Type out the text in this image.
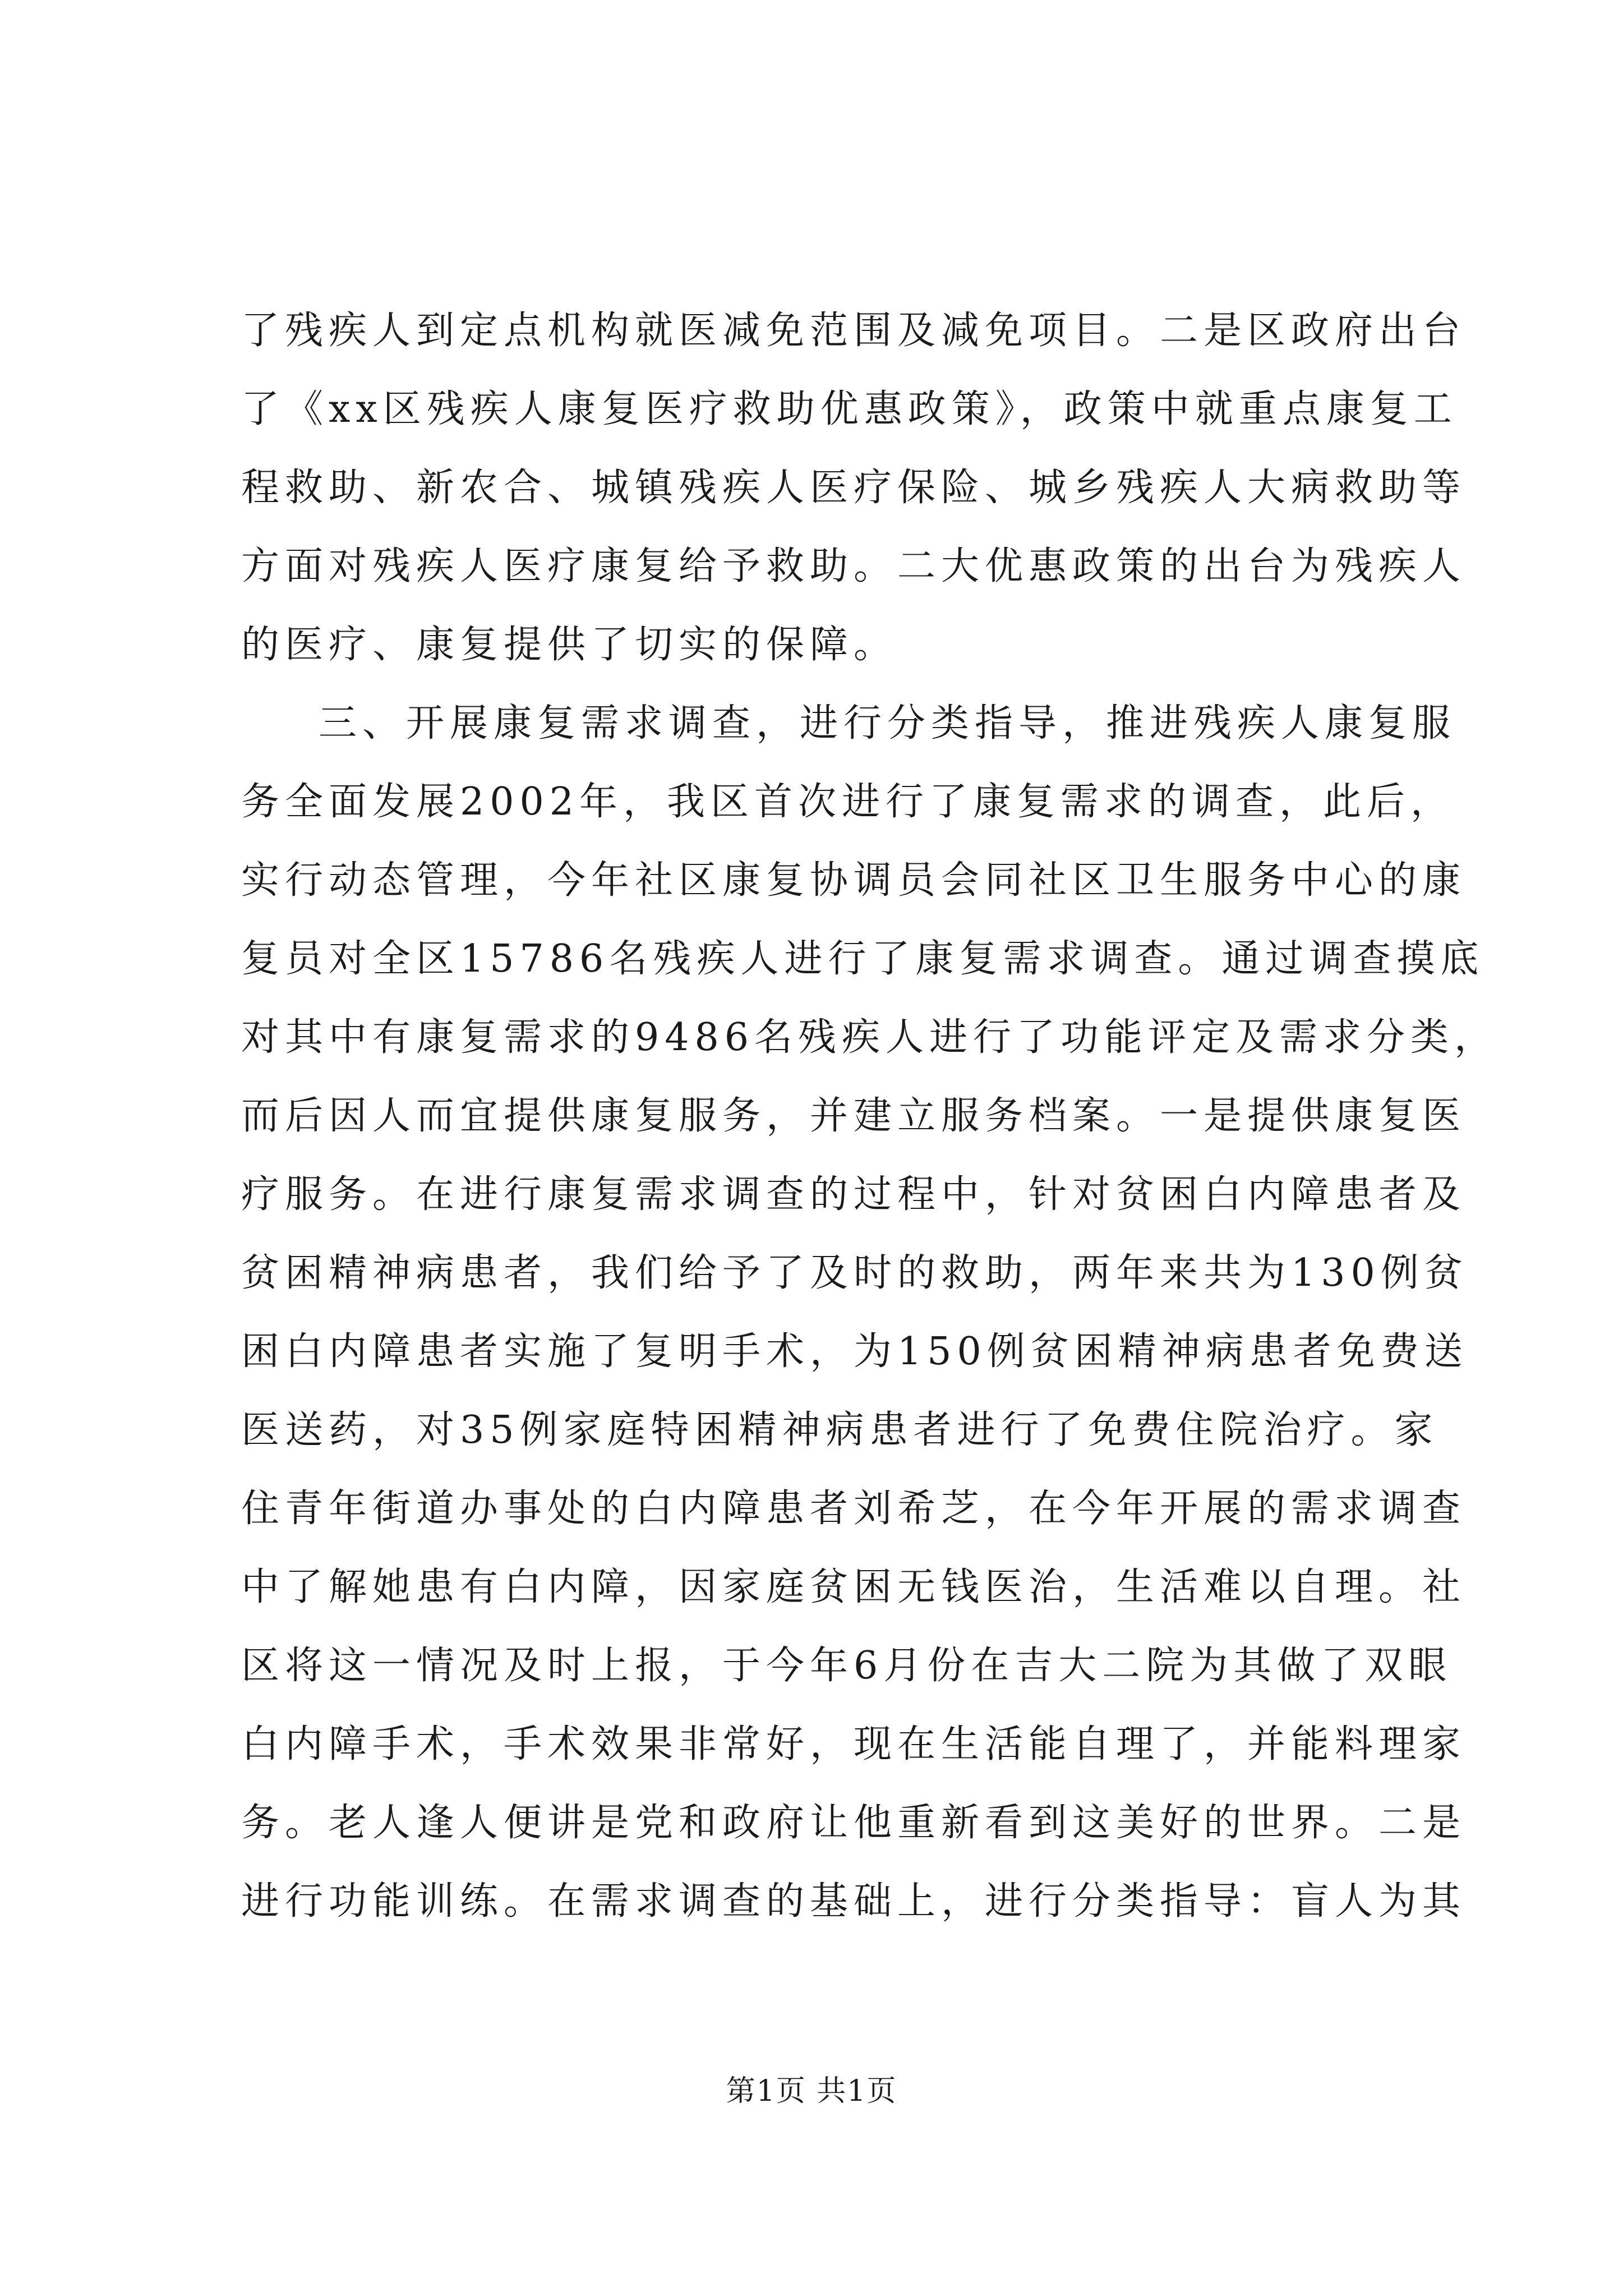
了残疾人到定点机构就医减免范围及减免项目。二是区政府出台
了《xx区残疾人康复医疗救助优惠政策》，政策中就重点康复工
程救助、新农合、城镇残疾人医疗保险、城乡残疾人大病救助等
方面对残疾人医疗康复给予救助。二大优惠政策的出台为残疾人
的医疗、康复提供了切实的保障。
三、开展康复需求调查，进行分类指导，推进残疾人康复服
务全面发展2002年，我区首次进行了康复需求的调查，此后，
实行动态管理，今年社区康复协调员会同社区卫生服务中心的康
复员对全区15786名残疾人进行了康复需求调查。通过调查摸底
对其中有康复需求的9486名残疾人进行了功能评定及需求分类，
而后因人而宜提供康复服务，并建立服务档案。一是提供康复医
疗服务。在进行康复需求调查的过程中，针对贫困白内障患者及
贫困精神病患者，我们给予了及时的救助，两年来共为130例贫
困白内障患者实施了复明手术，为150例贫困精神病患者免费送
医送药，对35例家庭特困精神病患者进行了免费住院治疗。家
住青年街道办事处的白内障患者刘希芝，在今年开展的需求调查
中了解她患有白内障，因家庭贫困无钱医治，生活难以自理。社
区将这一情况及时上报，于今年6月份在吉大二院为其做了双眼
白内障手术，手术效果非常好，现在生活能自理了，并能料理家
务。老人逢人便讲是党和政府让他重新看到这美好的世界。二是
进行功能训练。在需求调查的基础上，进行分类指导：盲人为其
第1页 共1页
